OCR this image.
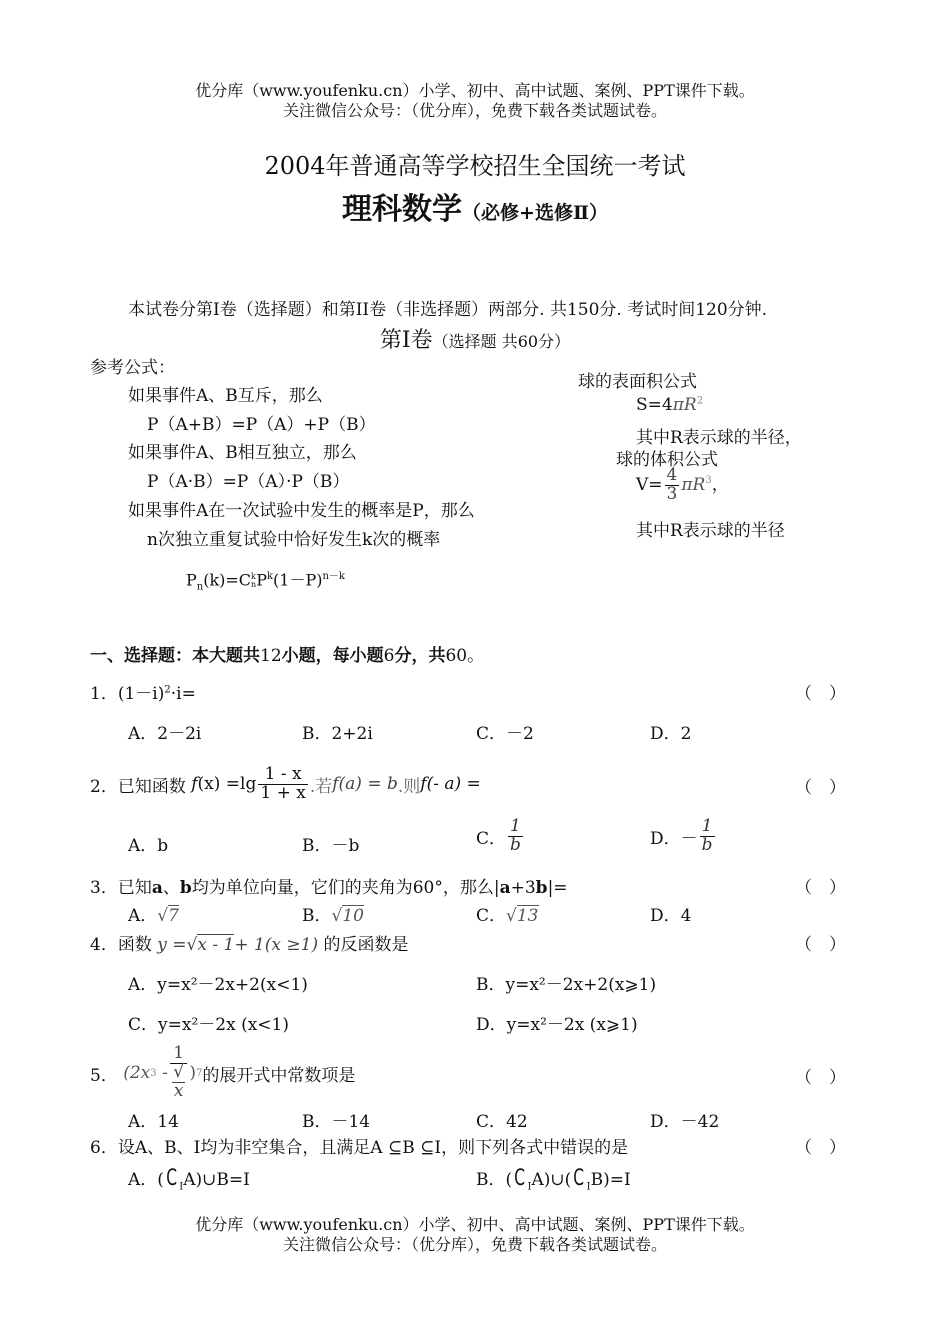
优分库（www.youfenku.cn）小学、初中、高中试题、案例、PPT课件下载。
关注微信公众号：（优分库），免费下载各类试题试卷。
2004年普通高等学校招生全国统一考试
理科数学（必修+选修Ⅱ）
本试卷分第I卷（选择题）和第II卷（非选择题）两部分. 共150分. 考试时间120分钟.
第Ⅰ卷（选择题 共60分）
参考公式：
如果事件A、B互斥，那么
P（A+B）=P（A）+P（B）
如果事件A、B相互独立，那么
P（A·B）=P（A）·P（B）
如果事件A在一次试验中发生的概率是P，那么
n次独立重复试验中恰好发生k次的概率
$P_n(k)=C$ k
n $P^k(1-P)^{n-k}$
球的表面积公式
$S=4\pi R^2$
其中R表示球的半径，
球的体积公式
$V= \frac{4}{3} \pi R^3$，
其中R表示球的半径
一、选择题：本大题共12小题，每小题6分，共60。
1．$(1-i)^2\cdot i=$	（　）
A．2－2i	B．2+2i	C．－2	D．2
2． 已知函数
f (x)
$=\lg \frac{1 - x}{1 + x}$ .若 f(a) = b .则 f(- a) =	（　）
A．b	B．－b	C． $\frac{1}{b}$	D．－ $\frac{1}{b}$
3．已知a、b均为单位向量，它们的夹角为60°，那么|a+3b|=	（　）
A．√7	B．√10	C．√13	D．4
4．函数 y =√x - 1+ 1(x ≥1) 的反函数是	（　）
A．y=x²－2x+2(x<1)	B．y=x²－2x+2(x⩾1)
C．y=x²－2x (x<1)	D．y=x²－2x (x⩾1)
5．
(2x 3
- 1
√
x ) 7 的展开式中常数项是	（　）
A．14	B．－14	C．42	D．－42
6．设A、B、I均为非空集合，且满足A ⊆B ⊆I，则下列各式中错误的是	（　）
A．( C $_I$A)∪B=I	B．( C $_I$A)∪( C $_I$B)=I
优分库（www.youfenku.cn）小学、初中、高中试题、案例、PPT课件下载。
关注微信公众号：（优分库），免费下载各类试题试卷。
